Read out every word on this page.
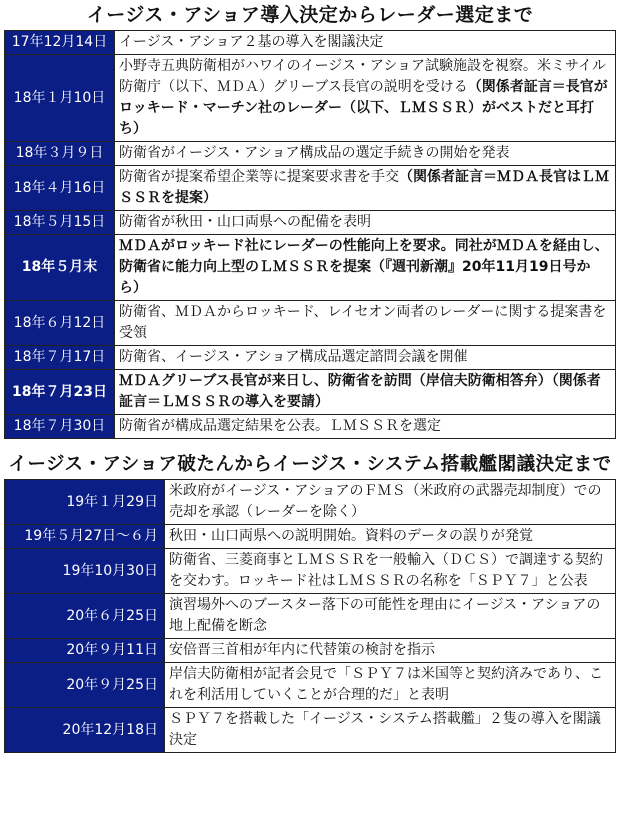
イージス・アショア導入決定からレーダー選定まで
17年12月14日	イージス・アショア２基の導入を閣議決定
18年１月10日	小野寺五典防衛相がハワイのイージス・アショア試験施設を視察。米ミサイル防衛庁（以下、ＭＤＡ）グリーブス長官の説明を受ける（関係者証言＝長官がロッキード・マーチン社のレーダー（以下、ＬＭＳＳＲ）がベストだと耳打ち）
18年３月９日	防衛省がイージス・アショア構成品の選定手続きの開始を発表
18年４月16日	防衛省が提案希望企業等に提案要求書を手交（関係者証言＝ＭＤＡ長官はＬＭＳＳＲを提案）
18年５月15日	防衛省が秋田・山口両県への配備を表明
18年５月末	ＭＤＡがロッキード社にレーダーの性能向上を要求。同社がＭＤＡを経由し、防衛省に能力向上型のＬＭＳＳＲを提案（『週刊新潮』20年11月19日号から）
18年６月12日	防衛省、ＭＤＡからロッキード、レイセオン両者のレーダーに関する提案書を受領
18年７月17日	防衛省、イージス・アショア構成品選定諮問会議を開催
18年７月23日	ＭＤＡグリーブス長官が来日し、防衛省を訪問（岸信夫防衛相答弁）（関係者証言＝ＬＭＳＳＲの導入を要請）
18年７月30日	防衛省が構成品選定結果を公表。ＬＭＳＳＲを選定
イージス・アショア破たんからイージス・システム搭載艦閣議決定まで
19年１月29日	米政府がイージス・アショアのＦＭＳ（米政府の武器売却制度）での売却を承認（レーダーを除く）
19年５月27日〜６月	秋田・山口両県への説明開始。資料のデータの誤りが発覚
19年10月30日	防衛省、三菱商事とＬＭＳＳＲを一般輸入（ＤＣＳ）で調達する契約を交わす。ロッキード社はＬＭＳＳＲの名称を「ＳＰＹ７」と公表
20年６月25日	演習場外へのブースター落下の可能性を理由にイージス・アショアの地上配備を断念
20年９月11日	安倍晋三首相が年内に代替策の検討を指示
20年９月25日	岸信夫防衛相が記者会見で「ＳＰＹ７は米国等と契約済みであり、これを利活用していくことが合理的だ」と表明
20年12月18日	ＳＰＹ７を搭載した「イージス・システム搭載艦」２隻の導入を閣議決定
